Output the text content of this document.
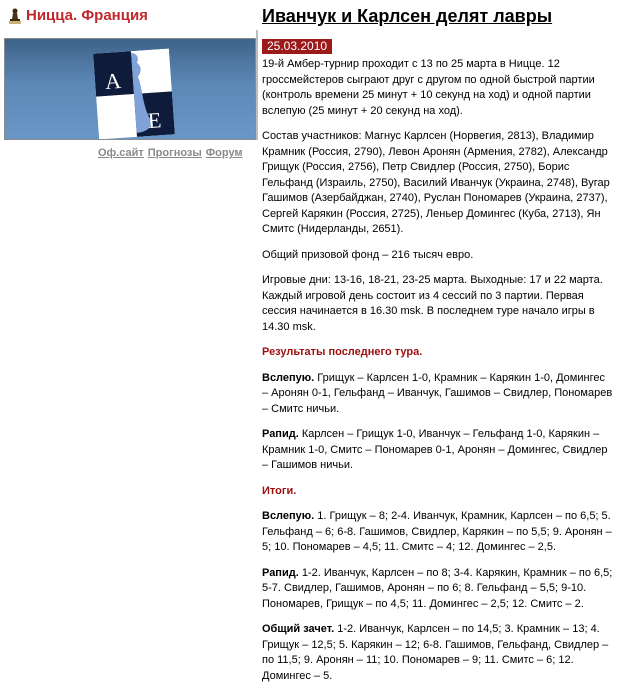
Ницца. Франция
A
E
Оф.сайт Прогнозы Форум
Иванчук и Карлсен делят лавры
25.03.2010

19-й Амбер-турнир проходит с 13 по 25 марта в Ницце. 12 гроссмейстеров сыграют друг с другом по одной быстрой партии (контроль времени 25 минут + 10 секунд на ход) и одной партии вслепую (25 минут + 20 секунд на ход).

Состав участников: Магнус Карлсен (Норвегия, 2813), Владимир Крамник (Россия, 2790), Левон Аронян (Армения, 2782), Александр Грищук (Россия, 2756), Петр Свидлер (Россия, 2750), Борис Гельфанд (Израиль, 2750), Василий Иванчук (Украина, 2748), Вугар Гашимов (Азербайджан, 2740), Руслан Пономарев (Украина, 2737), Сергей Карякин (Россия, 2725), Леньер Домингес (Куба, 2713), Ян Смитс (Нидерланды, 2651).

Общий призовой фонд – 216 тысяч евро.

Игровые дни: 13-16, 18-21, 23-25 марта. Выходные: 17 и 22 марта. Каждый игровой день состоит из 4 сессий по 3 партии. Первая сессия начинается в 16.30 msk. В последнем туре начало игры в 14.30 msk.

Результаты последнего тура.

Вслепую. Грищук – Карлсен 1-0, Крамник – Карякин 1-0, Домингес – Аронян 0-1, Гельфанд – Иванчук, Гашимов – Свидлер, Пономарев – Смитс ничьи.

Рапид. Карлсен – Грищук 1-0, Иванчук – Гельфанд 1-0, Карякин – Крамник 1-0, Смитс – Пономарев 0-1, Аронян – Домингес, Свидлер – Гашимов ничьи.

Итоги.

Вслепую. 1. Грищук – 8; 2-4. Иванчук, Крамник, Карлсен – по 6,5; 5. Гельфанд – 6; 6-8. Гашимов, Свидлер, Карякин – по 5,5; 9. Аронян – 5; 10. Пономарев – 4,5; 11. Смитс – 4; 12. Домингес – 2,5.

Рапид. 1-2. Иванчук, Карлсен – по 8; 3-4. Карякин, Крамник – по 6,5; 5-7. Свидлер, Гашимов, Аронян – по 6; 8. Гельфанд – 5,5; 9-10. Пономарев, Грищук – по 4,5; 11. Домингес – 2,5; 12. Смитс – 2.

Общий зачет. 1-2. Иванчук, Карлсен – по 14,5; 3. Крамник – 13; 4. Грищук – 12,5; 5. Карякин – 12; 6-8. Гашимов, Гельфанд, Свидлер – по 11,5; 9. Аронян – 11; 10. Пономарев – 9; 11. Смитс – 6; 12. Домингес – 5.
